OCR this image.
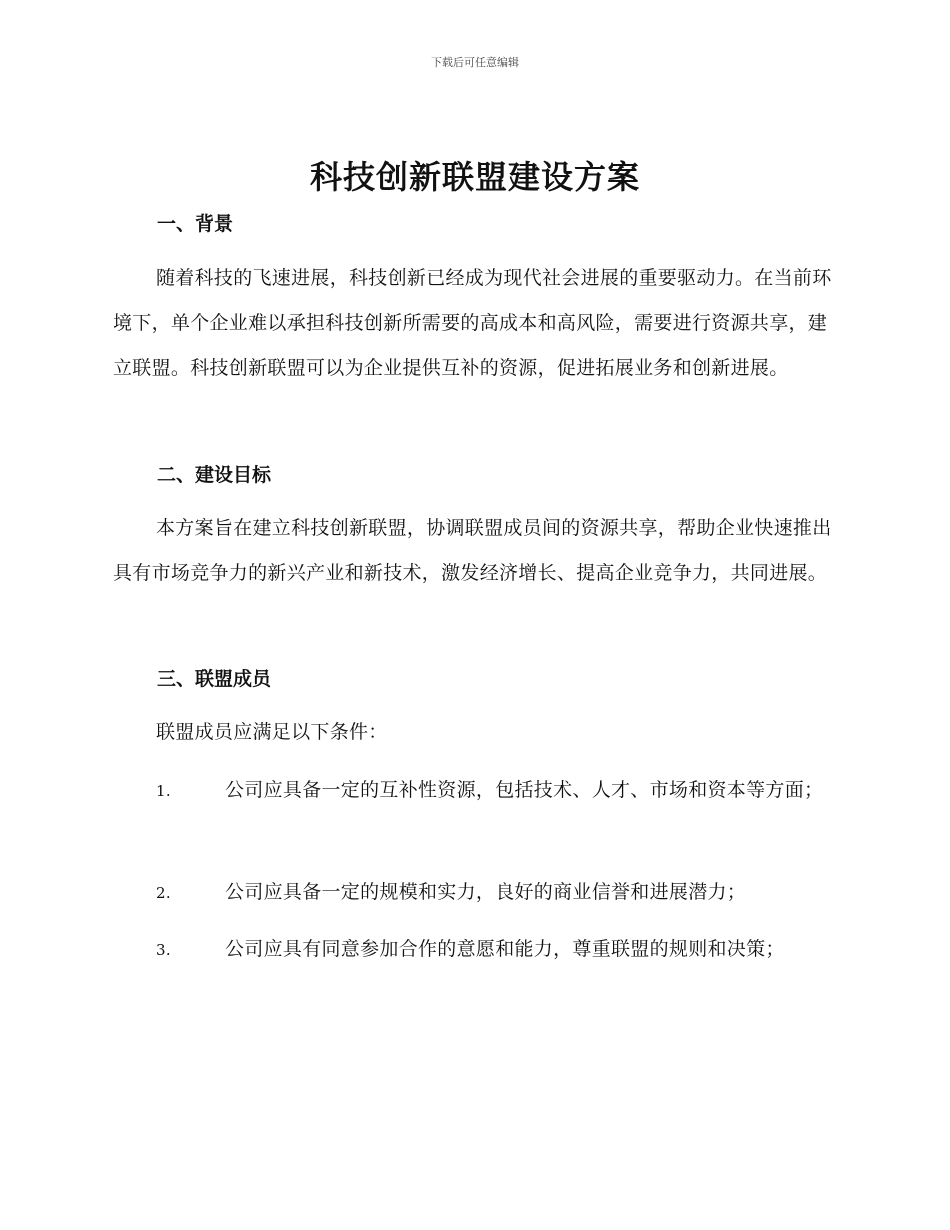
下载后可任意编辑
科技创新联盟建设方案
一、背景

随着科技的飞速进展，科技创新已经成为现代社会进展的重要驱动力。在当前环境下，单个企业难以承担科技创新所需要的高成本和高风险，需要进行资源共享，建立联盟。科技创新联盟可以为企业提供互补的资源，促进拓展业务和创新进展。

二、建设目标

本方案旨在建立科技创新联盟，协调联盟成员间的资源共享，帮助企业快速推出具有市场竞争力的新兴产业和新技术，激发经济增长、提高企业竞争力，共同进展。

三、联盟成员

联盟成员应满足以下条件：

1.	公司应具备一定的互补性资源，包括技术、人才、市场和资本等方面；

2.	公司应具备一定的规模和实力，良好的商业信誉和进展潜力；

3.	公司应具有同意参加合作的意愿和能力，尊重联盟的规则和决策；
